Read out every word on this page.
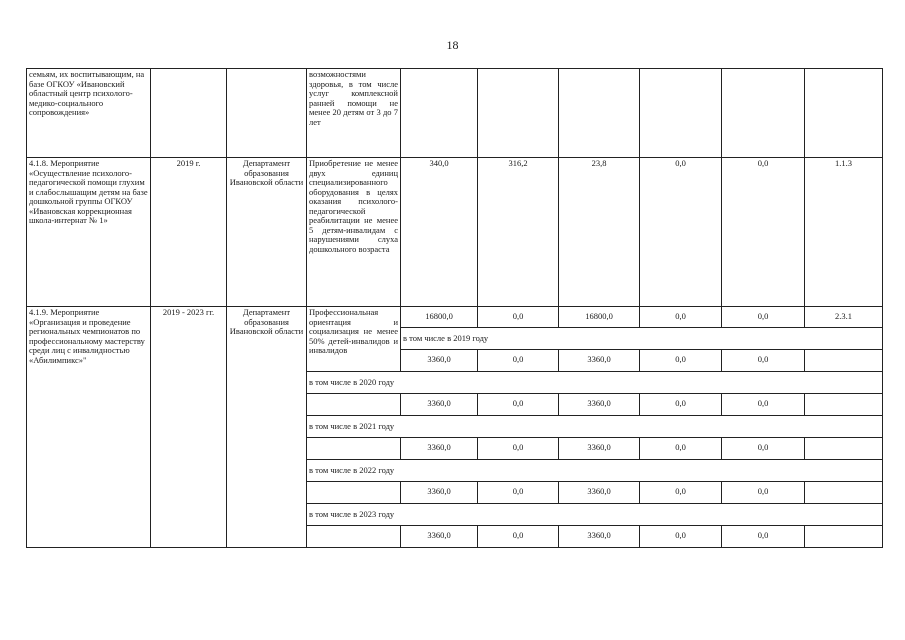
18
семьям, их воспитывающим, на базе ОГКОУ «Ивановский областный центр психолого-медико-социального сопровождения»			возможностями здоровья, в том числе услуг комплексной ранней помощи не менее 20 детям от 3 до 7 лет						
4.1.8. Мероприятие «Осуществление психолого-педагогической помощи глухим и слабослышащим детям на базе дошкольной группы ОГКОУ «Ивановская коррекционная школа-интернат № 1»	2019 г.	Департамент образования Ивановской области	Приобретение не менее двух единиц специализированного оборудования в целях оказания психолого-педагогической реабилитации не менее 5 детям-инвалидам с нарушениями слуха дошкольного возраста	340,0	316,2	23,8	0,0	0,0	1.1.3
4.1.9. Мероприятие «Организация и проведение региональных чемпионатов по профессиональному мастерству среди лиц с инвалидностью «Абилимпикс»"	2019 - 2023 гг.	Департамент образования Ивановской области	Профессиональная ориентация и социализация не менее 50% детей-инвалидов и инвалидов	16800,0	0,0	16800,0	0,0	0,0	2.3.1
				в том числе в 2019 году					
				3360,0	0,0	3360,0	0,0	0,0	
			в том числе в 2020 году						
				3360,0	0,0	3360,0	0,0	0,0	
			в том числе в 2021 году						
				3360,0	0,0	3360,0	0,0	0,0	
			в том числе в 2022 году						
				3360,0	0,0	3360,0	0,0	0,0	
			в том числе в 2023 году						
				3360,0	0,0	3360,0	0,0	0,0	
